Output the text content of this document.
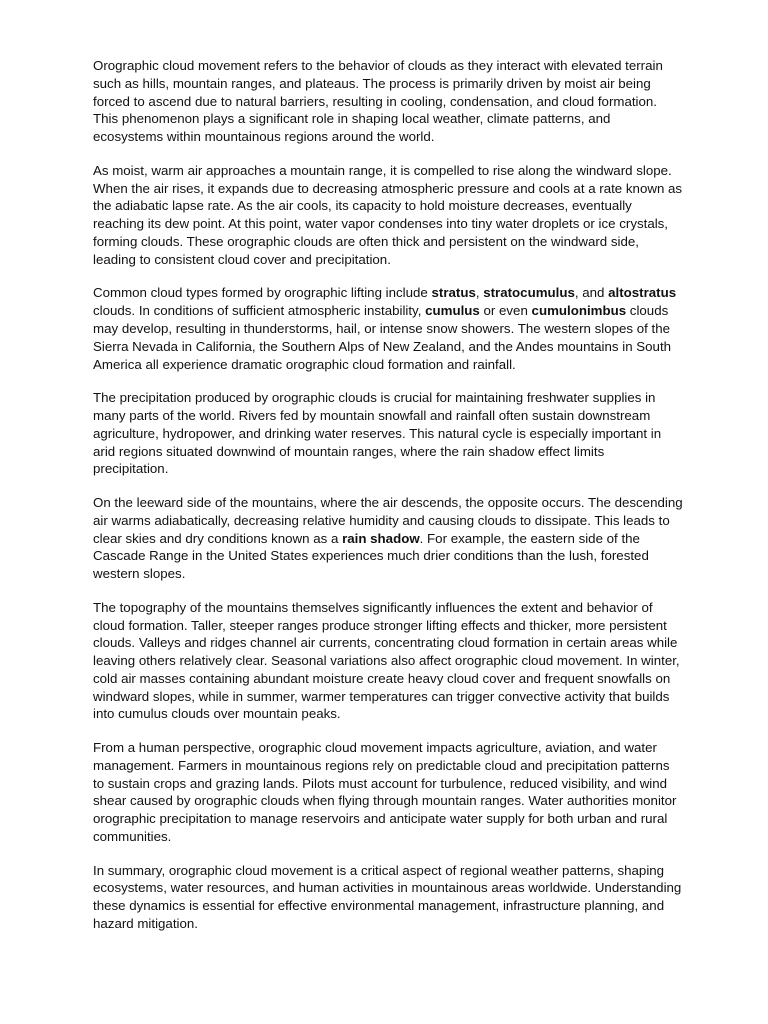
Orographic cloud movement refers to the behavior of clouds as they interact with elevated terrain such as hills, mountain ranges, and plateaus. The process is primarily driven by moist air being forced to ascend due to natural barriers, resulting in cooling, condensation, and cloud formation. This phenomenon plays a significant role in shaping local weather, climate patterns, and ecosystems within mountainous regions around the world.

As moist, warm air approaches a mountain range, it is compelled to rise along the windward slope. When the air rises, it expands due to decreasing atmospheric pressure and cools at a rate known as the adiabatic lapse rate. As the air cools, its capacity to hold moisture decreases, eventually reaching its dew point. At this point, water vapor condenses into tiny water droplets or ice crystals, forming clouds. These orographic clouds are often thick and persistent on the windward side, leading to consistent cloud cover and precipitation.

Common cloud types formed by orographic lifting include stratus, stratocumulus, and altostratus clouds. In conditions of sufficient atmospheric instability, cumulus or even cumulonimbus clouds may develop, resulting in thunderstorms, hail, or intense snow showers. The western slopes of the Sierra Nevada in California, the Southern Alps of New Zealand, and the Andes mountains in South America all experience dramatic orographic cloud formation and rainfall.

The precipitation produced by orographic clouds is crucial for maintaining freshwater supplies in many parts of the world. Rivers fed by mountain snowfall and rainfall often sustain downstream agriculture, hydropower, and drinking water reserves. This natural cycle is especially important in arid regions situated downwind of mountain ranges, where the rain shadow effect limits precipitation.

On the leeward side of the mountains, where the air descends, the opposite occurs. The descending air warms adiabatically, decreasing relative humidity and causing clouds to dissipate. This leads to clear skies and dry conditions known as a rain shadow. For example, the eastern side of the Cascade Range in the United States experiences much drier conditions than the lush, forested western slopes.

The topography of the mountains themselves significantly influences the extent and behavior of cloud formation. Taller, steeper ranges produce stronger lifting effects and thicker, more persistent clouds. Valleys and ridges channel air currents, concentrating cloud formation in certain areas while leaving others relatively clear. Seasonal variations also affect orographic cloud movement. In winter, cold air masses containing abundant moisture create heavy cloud cover and frequent snowfalls on windward slopes, while in summer, warmer temperatures can trigger convective activity that builds into cumulus clouds over mountain peaks.

From a human perspective, orographic cloud movement impacts agriculture, aviation, and water management. Farmers in mountainous regions rely on predictable cloud and precipitation patterns to sustain crops and grazing lands. Pilots must account for turbulence, reduced visibility, and wind shear caused by orographic clouds when flying through mountain ranges. Water authorities monitor orographic precipitation to manage reservoirs and anticipate water supply for both urban and rural communities.

In summary, orographic cloud movement is a critical aspect of regional weather patterns, shaping ecosystems, water resources, and human activities in mountainous areas worldwide. Understanding these dynamics is essential for effective environmental management, infrastructure planning, and hazard mitigation.
